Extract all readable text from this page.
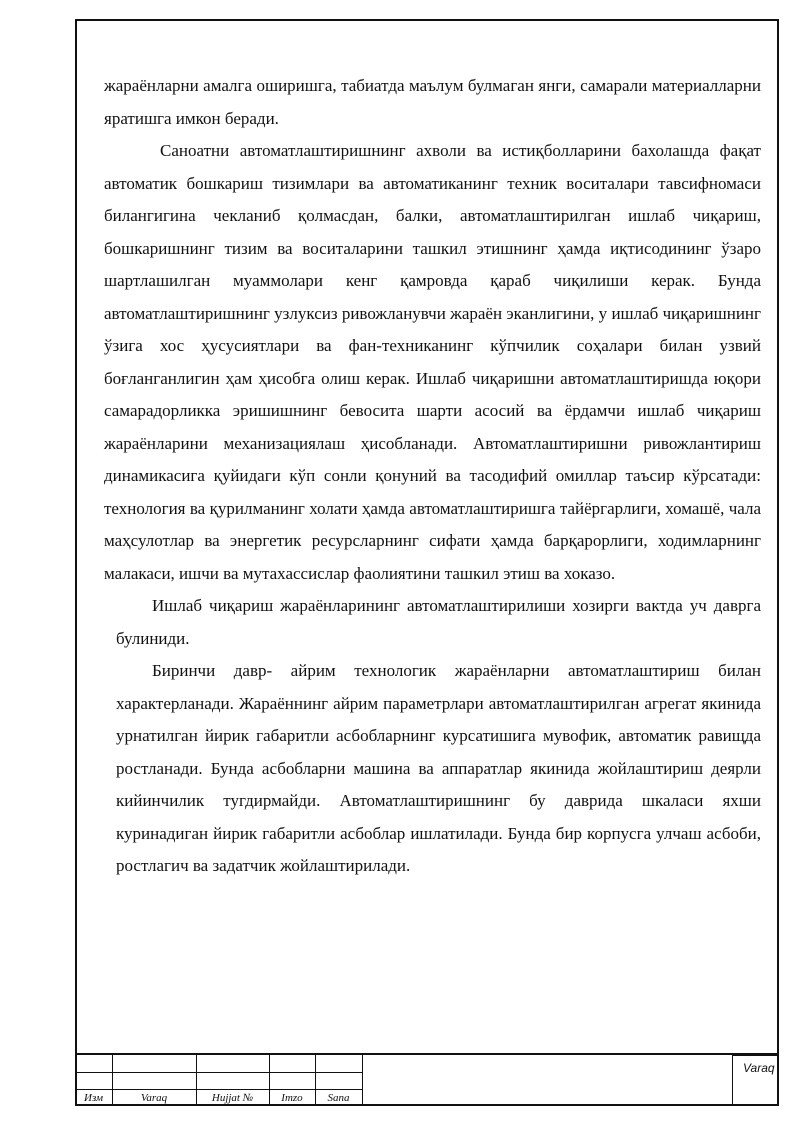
жараёнларни амалга оширишга, табиатда маълум булмаган янги, самарали материалларни яратишга имкон беради.

Саноатни автоматлаштиришнинг ахволи ва истиқболларини бахолашда фақат автоматик бошкариш тизимлари ва автоматиканинг техник воситалари тавсифномаси билангигина чекланиб қолмасдан, балки, автоматлаштирилган ишлаб чиқариш, бошкаришнинг тизим ва воситаларини ташкил этишнинг ҳамда иқтисодининг ўзаро шартлашилган муаммолари кенг қамровда қараб чиқилиши керак. Бунда автоматлаштиришнинг узлуксиз ривожланувчи жараён эканлигини, у ишлаб чиқаришнинг ўзига хос ҳусусиятлари ва фан-техниканинг кўпчилик соҳалари билан узвий боғланганлигин ҳам ҳисобга олиш керак. Ишлаб чиқаришни автоматлаштиришда юқори самарадорликка эришишнинг бевосита шарти асосий ва ёрдамчи ишлаб чиқариш жараёнларини механизациялаш ҳисобланади. Автоматлаштиришни ривожлантириш динамикасига қуйидаги кўп сонли қонуний ва тасодифий омиллар таъсир кўрсатади: технология ва қурилманинг холати ҳамда автоматлаштиришга тайёргарлиги, хомашё, чала маҳсулотлар ва энергетик ресурсларнинг сифати ҳамда барқарорлиги, ходимларнинг малакаси, ишчи ва мутахассислар фаолиятини ташкил этиш ва хоказо.

Ишлаб чиқариш жараёнларининг автоматлаштирилиши хозирги вактда уч даврга булиниди.

Биринчи давр- айрим технологик жараёнларни автоматлаштириш билан характерланади. Жараённинг айрим параметрлари автоматлаштирилган агрегат якинида урнатилган йирик габаритли асбобларнинг курсатишига мувофик, автоматик равищда ростланади. Бунда асбобларни машина ва аппаратлар якинида жойлаштириш деярли кийинчилик тугдирмайди. Автоматлаштиришнинг бу даврида шкаласи яхши куринадиган йирик габаритли асбоблар ишлатилади. Бунда бир корпусга улчаш асбоби, ростлагич ва задатчик жойлаштирилади.

Изм	Varaq	Hujjat №	Imzo	Sana
Varaq
